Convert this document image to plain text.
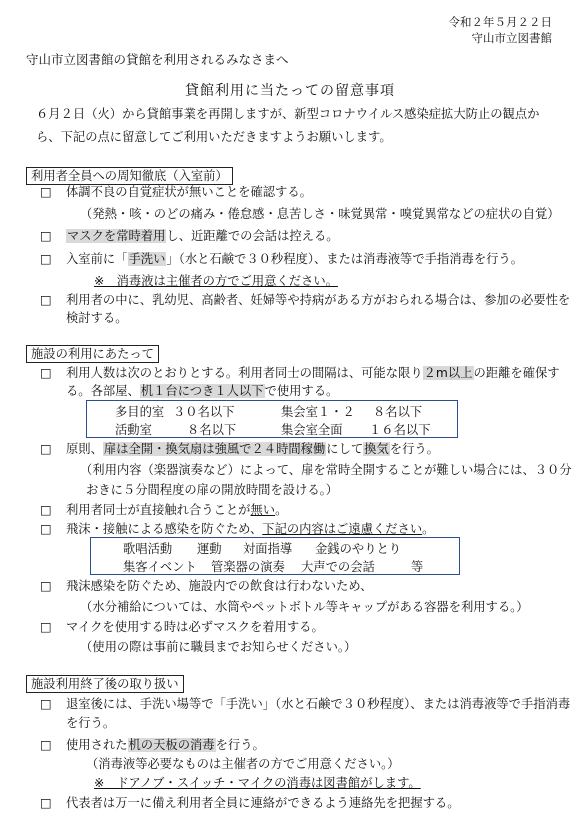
令和２年５月２２日
守山市立図書館
守山市立図書館の貸館を利用されるみなさまへ
貸館利用に当たっての留意事項
６月２日（火）から貸館事業を再開しますが、新型コロナウイルス感染症拡大防止の観点か
ら、下記の点に留意してご利用いただきますようお願いします。
利用者全員への周知徹底（入室前）
□ 体調不良の自覚症状が無いことを確認する。
（発熱・咳・のどの痛み・倦怠感・息苦しさ・味覚異常・嗅覚異常などの症状の自覚）
□ マスクを常時着用し、近距離での会話は控える。
□ 入室前に「手洗い」（水と石鹸で３０秒程度）、または消毒液等で手指消毒を行う。
※　消毒液は主催者の方でご用意ください。
□ 利用者の中に、乳幼児、高齢者、妊婦等や持病がある方がおられる場合は、参加の必要性を
検討する。
施設の利用にあたって
□ 利用人数は次のとおりとする。利用者同士の間隔は、可能な限り２m以上の距離を確保す
る。各部屋、机１台につき１人以下で使用する。
多目的室 ３０名以下	集会室１・２ ８名以下
活動室	８名以下	集会室全面 １６名以下
□ 原則、扉は全開・換気扇は強風で２４時間稼働にして換気を行う。
（利用内容（楽器演奏など）によって、扉を常時全開することが難しい場合には、３０分
おきに５分間程度の扉の開放時間を設ける。）
□ 利用者同士が直接触れ合うことが無い。
□ 飛沫・接触による感染を防ぐため、下記の内容はご遠慮ください。
歌唱活動 運動 対面指導 金銭のやりとり
集客イベント 管楽器の演奏 大声での会話	等
□ 飛沫感染を防ぐため、施設内での飲食は行わないため、
（水分補給については、水筒やペットボトル等キャップがある容器を利用する。）
□ マイクを使用する時は必ずマスクを着用する。
（使用の際は事前に職員までお知らせください。）
施設利用終了後の取り扱い
□ 退室後には、手洗い場等で「手洗い」（水と石鹸で３０秒程度）、または消毒液等で手指消毒
を行う。
□ 使用された机の天板の消毒を行う。
（消毒液等必要なものは主催者の方でご用意ください。）
※　ドアノブ・スイッチ・マイクの消毒は図書館がします。
□ 代表者は万一に備え利用者全員に連絡ができるよう連絡先を把握する。
